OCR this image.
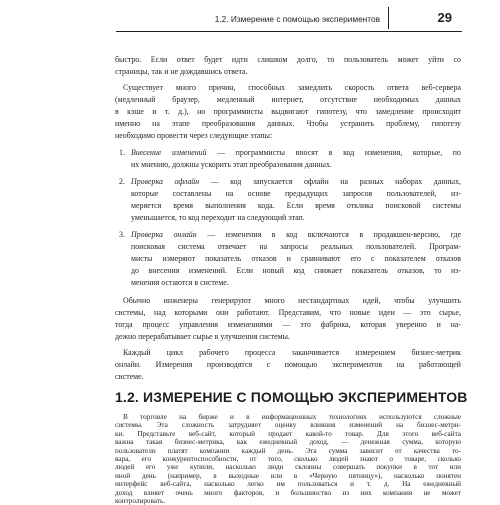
1.2. Измерение с помощью экспериментов	29
быстро. Если ответ будет идти слишком долго, то пользователь может уйти со
страницы, так и не дождавшись ответа.
Существует много причин, способных замедлить скорость ответа веб-сервера
(медленный браузер, медленный интернет, отсутствие необходимых данных
в кэше и т. д.), но программисты выдвигают гипотезу, что замедление происходит
именно на этапе преобразования данных. Чтобы устранить проблему, гипотезу
необходимо провести через следующие этапы:
1. Внесение изменений — программисты вносят в код изменения, которые, по
их мнению, должны ускорить этап преобразования данных.
2. Проверка офлайн — код запускается офлайн на разных наборах данных,
которые составлены на основе предыдущих запросов пользователей, из-
меряется время выполнения кода. Если время отклика поисковой системы
уменьшается, то код переходит на следующий этап.
3. Проверка онлайн — изменения в код включаются в продакшен-версию, где
поисковая система отвечает на запросы реальных пользователей. Програм-
мисты измеряют показатель отказов и сравнивают его с показателем отказов
до внесения изменений. Если новый код снижает показатель отказов, то из-
менения остаются в системе.
Обычно инженеры генерируют много нестандартных идей, чтобы улучшить
системы, над которыми они работают. Представим, что новые идеи — это сырье,
тогда процесс управления изменениями — это фабрика, которая уверенно и на-
дежно перерабатывает сырье в улучшения системы.
Каждый цикл рабочего процесса заканчивается измерением бизнес-метрик
онлайн. Измерения производятся с помощью экспериментов на работающей
системе.
1.2. ИЗМЕРЕНИЕ С ПОМОЩЬЮ ЭКСПЕРИМЕНТОВ
В торговле на бирже и в информационных технологиях используются сложные
системы. Эта сложность затрудняет оценку влияния изменений на бизнес-метри-
ки. Представьте веб-сайт, который продает какой-то товар. Для этого веб-сайта
важна такая бизнес-метрика, как ежедневный доход, — денежная сумма, которую
пользователи платят компании каждый день. Эта сумма зависит от качества то-
вара, его конкурентоспособности, от того, сколько людей знают о товаре, сколько
людей его уже купили, насколько люди склонны совершать покупки в тот или
иной день (например, в выходные или в «Черную пятницу»), насколько понятен
интерфейс веб-сайта, насколько легко им пользоваться и т. д. На ежедневный
доход влияет очень много факторов, и большинство из них компания не может
контролировать.
